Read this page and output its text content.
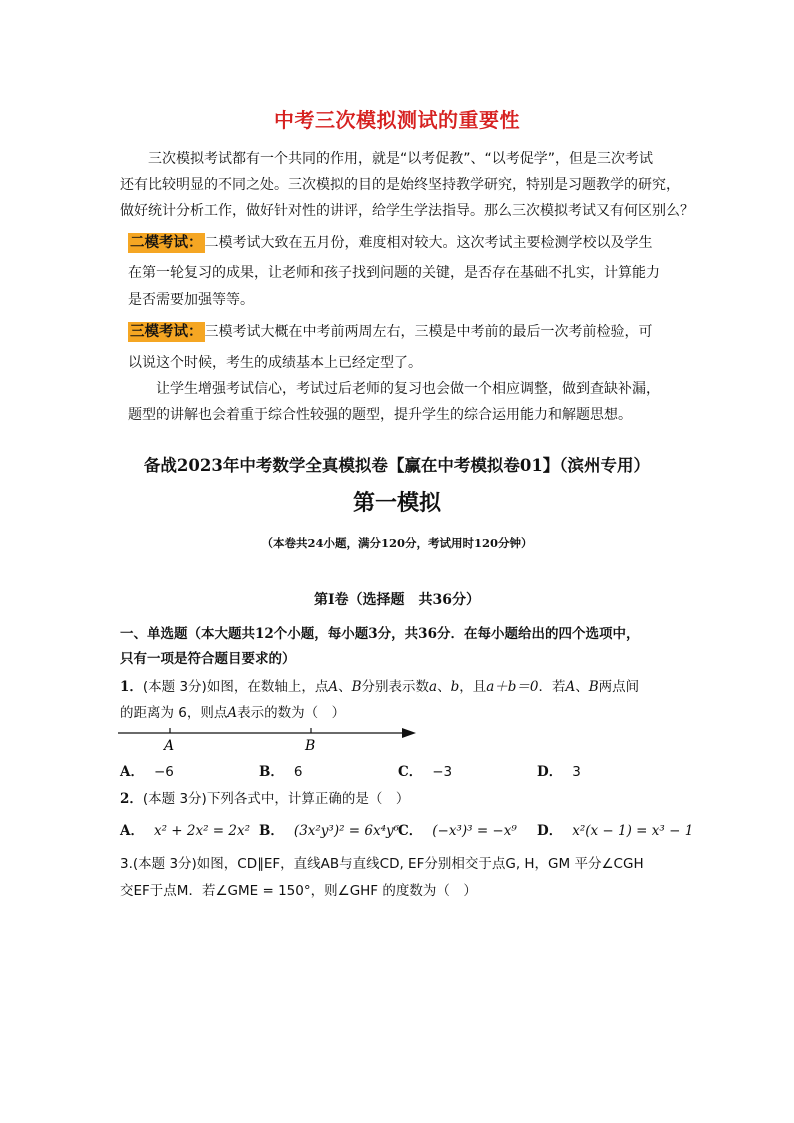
中考三次模拟测试的重要性
三次模拟考试都有一个共同的作用，就是“以考促教”、“以考促学”，但是三次考试
还有比较明显的不同之处。三次模拟的目的是始终坚持教学研究，特别是习题教学的研究，
做好统计分析工作，做好针对性的讲评，给学生学法指导。那么三次模拟考试又有何区别么？
二模考试： 二模考试大致在五月份，难度相对较大。这次考试主要检测学校以及学生
在第一轮复习的成果，让老师和孩子找到问题的关键，是否存在基础不扎实，计算能力
是否需要加强等等。
三模考试： 三模考试大概在中考前两周左右，三模是中考前的最后一次考前检验，可
以说这个时候，考生的成绩基本上已经定型了。
让学生增强考试信心，考试过后老师的复习也会做一个相应调整，做到查缺补漏，
题型的讲解也会着重于综合性较强的题型，提升学生的综合运用能力和解题思想。
备战2023年中考数学全真模拟卷【赢在中考模拟卷01】（滨州专用）
第一模拟
（本卷共24小题，满分120分，考试用时120分钟）
第Ⅰ卷（选择题　共36分）
一、单选题（本大题共12个小题，每小题3分，共36分．在每小题给出的四个选项中，
只有一项是符合题目要求的）
1．(本题 3分)如图，在数轴上，点A、B分别表示数a、b，且a＋b＝0．若A、B两点间
的距离为 6，则点A表示的数为（　）
A	B
A． −6	B． 6	C． −3	D． 3
2．(本题 3分)下列各式中，计算正确的是（　）
A． x² + 2x² = 2x² B． (3x²y³)² = 6x⁴y⁶
C． (−x³)³ = −x⁹ D． x²(x − 1) = x³ − 1
3.(本题 3分)如图，CD∥EF，直线AB与直线CD, EF分别相交于点G, H，GM 平分∠CGH
交EF于点M．若∠GME = 150°，则∠GHF 的度数为（　）
